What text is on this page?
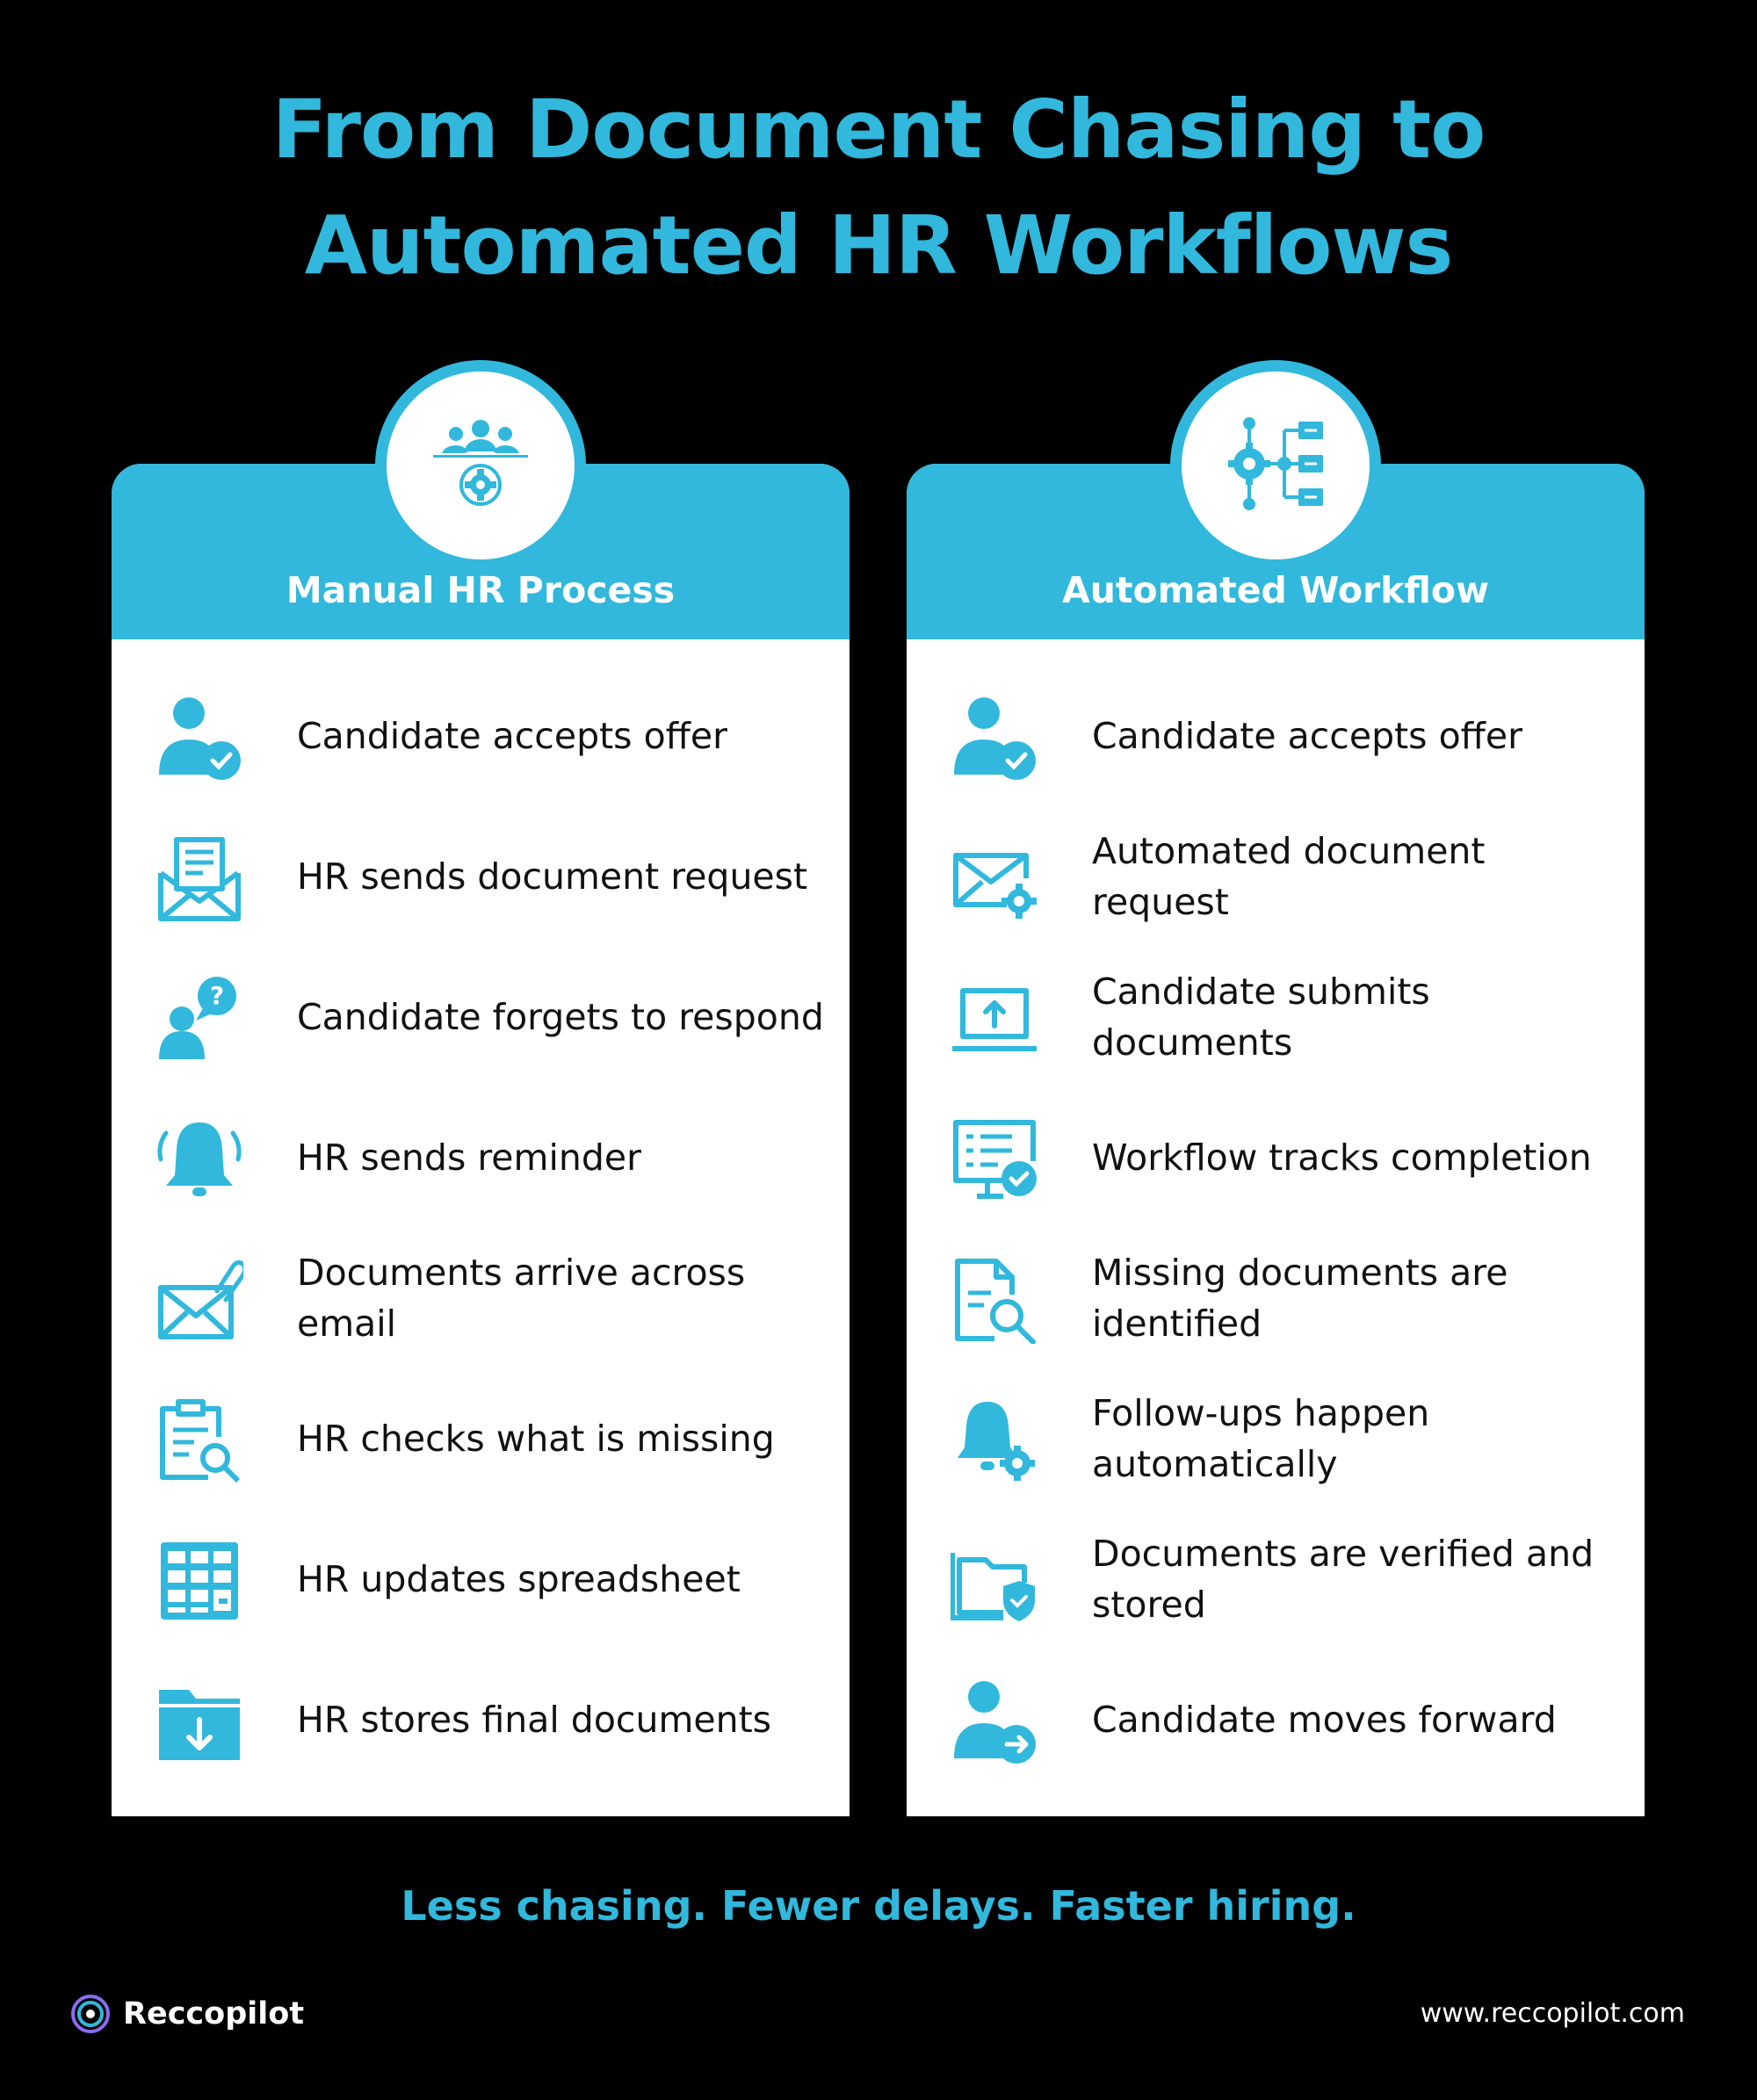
From Document Chasing to
Automated HR Workflows
Manual HR Process
Candidate accepts offer
HR sends document request
?
Candidate forgets to respond
HR sends reminder
Documents arrive across email
HR checks what is missing
HR updates spreadsheet
HR stores final documents
Automated Workflow
Candidate accepts offer
Automated document request
Candidate submits documents
Workflow tracks completion
Missing documents are identified
Follow-ups happen automatically
Documents are verified and stored
Candidate moves forward
Less chasing. Fewer delays. Faster hiring.
Reccopilot	www.reccopilot.com
